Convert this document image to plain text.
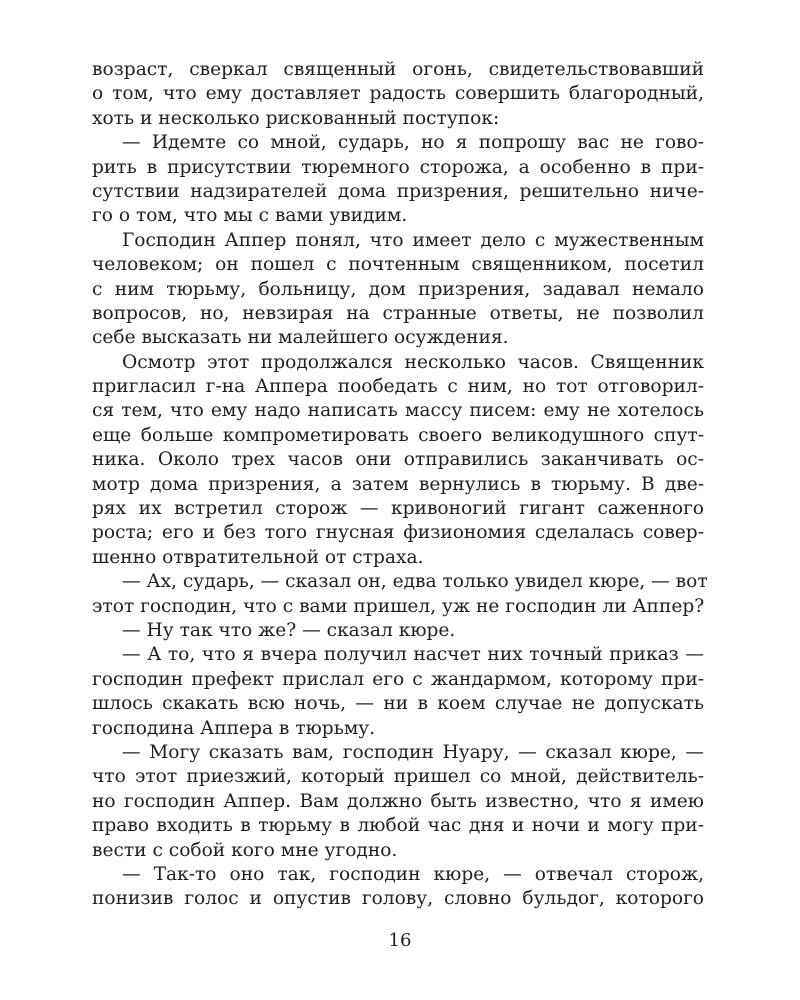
возраст, сверкал священный огонь, свидетельствовавший
о том, что ему доставляет радость совершить благородный,
хоть и несколько рискованный поступок:
— Идемте со мной, сударь, но я попрошу вас не гово-
рить в присутствии тюремного сторожа, а особенно в при-
сутствии надзирателей дома призрения, решительно ниче-
го о том, что мы с вами увидим.
Господин Аппер понял, что имеет дело с мужественным
человеком; он пошел с почтенным священником, посетил
с ним тюрьму, больницу, дом призрения, задавал немало
вопросов, но, невзирая на странные ответы, не позволил
себе высказать ни малейшего осуждения.
Осмотр этот продолжался несколько часов. Священник
пригласил г-на Аппера пообедать с ним, но тот отговорил-
ся тем, что ему надо написать массу писем: ему не хотелось
еще больше компрометировать своего великодушного спут-
ника. Около трех часов они отправились заканчивать ос-
мотр дома призрения, а затем вернулись в тюрьму. В две-
рях их встретил сторож — кривоногий гигант саженного
роста; его и без того гнусная физиономия сделалась совер-
шенно отвратительной от страха.
— Ах, сударь, — сказал он, едва только увидел кюре, — вот
этот господин, что с вами пришел, уж не господин ли Аппер?
— Ну так что же? — сказал кюре.
— А то, что я вчера получил насчет них точный приказ —
господин префект прислал его с жандармом, которому при-
шлось скакать всю ночь, — ни в коем случае не допускать
господина Аппера в тюрьму.
— Могу сказать вам, господин Нуару, — сказал кюре, —
что этот приезжий, который пришел со мной, действитель-
но господин Аппер. Вам должно быть известно, что я имею
право входить в тюрьму в любой час дня и ночи и могу при-
вести с собой кого мне угодно.
— Так-то оно так, господин кюре, — отвечал сторож,
понизив голос и опустив голову, словно бульдог, которого
16
